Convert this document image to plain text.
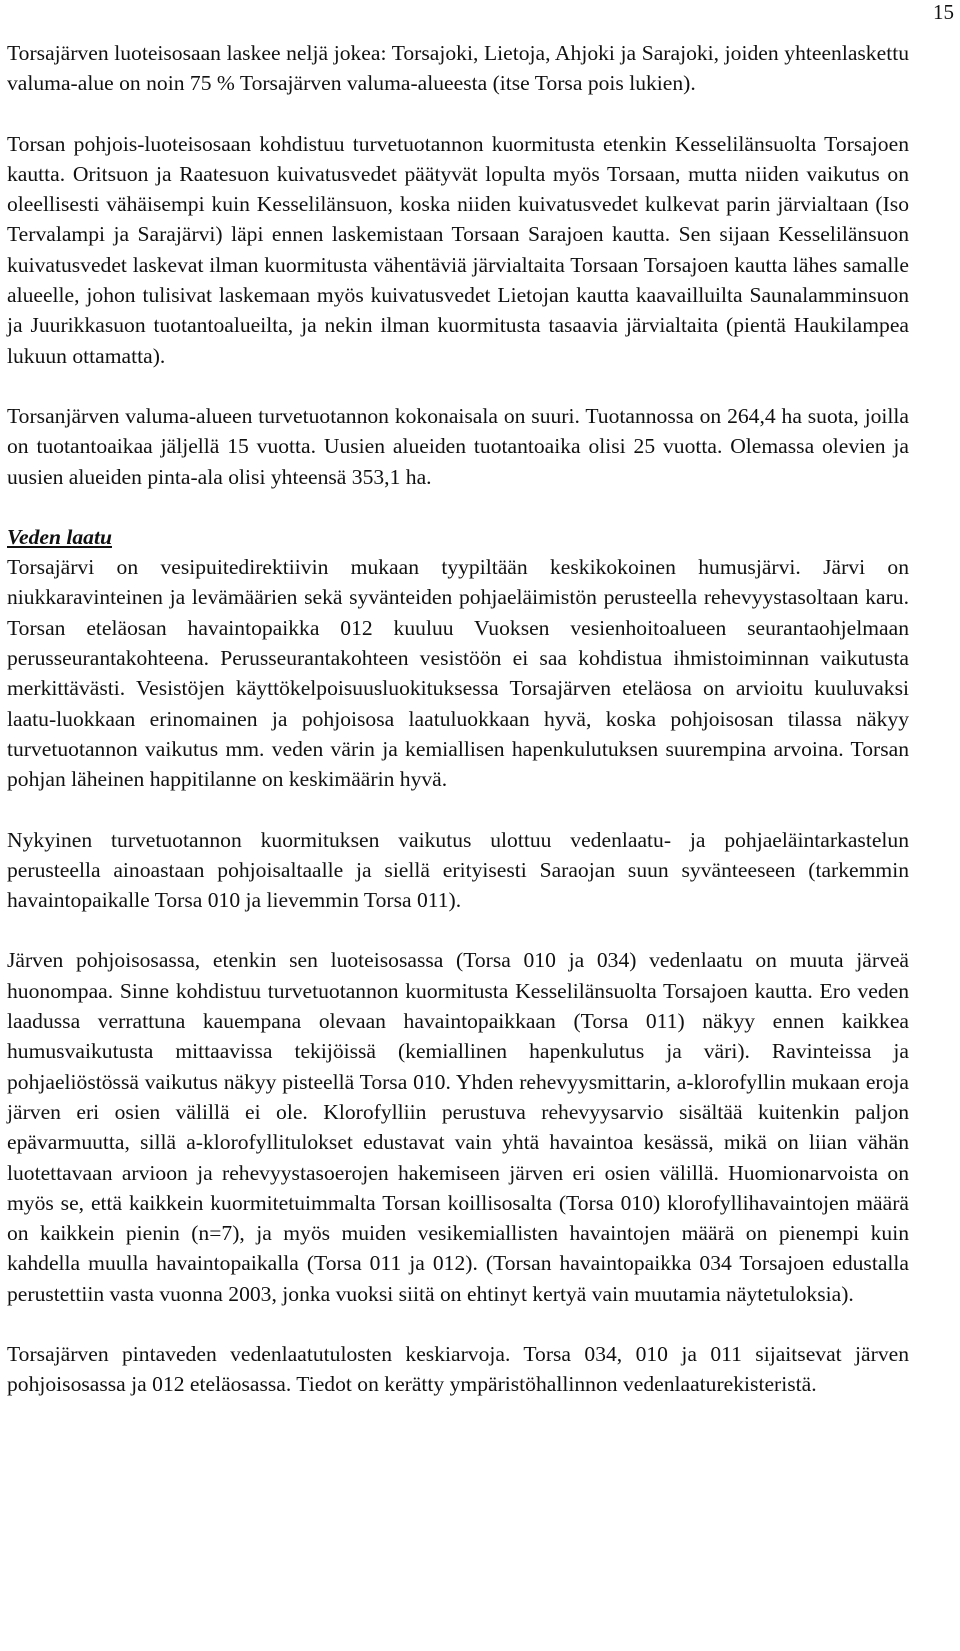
15

Torsajärven luoteisosaan laskee neljä jokea: Torsajoki, Lietoja, Ahjoki ja Sarajoki, joiden yhteenlaskettu valuma-alue on noin 75 % Torsajärven valuma-alueesta (itse Torsa pois lukien).

Torsan pohjois-luoteisosaan kohdistuu turvetuotannon kuormitusta etenkin Kesselilänsuolta Torsajoen kautta. Oritsuon ja Raatesuon kuivatusvedet päätyvät lopulta myös Torsaan, mutta niiden vaikutus on oleellisesti vähäisempi kuin Kesselilänsuon, koska niiden kuivatusvedet kulkevat parin järvialtaan (Iso Tervalampi ja Sarajärvi) läpi ennen laskemistaan Torsaan Sarajoen kautta. Sen sijaan Kesselilänsuon kuivatusvedet laskevat ilman kuormitusta vähentäviä järvialtaita Torsaan Torsajoen kautta lähes samalle alueelle, johon tulisivat laskemaan myös kuivatusvedet Lietojan kautta kaavailluilta Saunalamminsuon ja Juurikkasuon tuotantoalueilta, ja nekin ilman kuormitusta tasaavia järvialtaita (pientä Haukilampea lukuun ottamatta).

Torsanjärven valuma-alueen turvetuotannon kokonaisala on suuri. Tuotannossa on 264,4 ha suota, joilla on tuotantoaikaa jäljellä 15 vuotta. Uusien alueiden tuotantoaika olisi 25 vuotta. Olemassa olevien ja uusien alueiden pinta-ala olisi yhteensä 353,1 ha.

Veden laatu

Torsajärvi on vesipuitedirektiivin mukaan tyypiltään keskikokoinen humusjärvi. Järvi on niukkaravinteinen ja levämäärien sekä syvänteiden pohjaeläimistön perusteella rehevyystasoltaan karu. Torsan eteläosan havaintopaikka 012 kuuluu Vuoksen vesienhoitoalueen seurantaohjelmaan perusseurantakohteena. Perusseurantakohteen vesistöön ei saa kohdistua ihmistoiminnan vaikutusta merkittävästi. Vesistöjen käyttökelpoisuusluokituksessa Torsajärven eteläosa on arvioitu kuuluvaksi laatu-luokkaan erinomainen ja pohjoisosa laatuluokkaan hyvä, koska pohjoisosan tilassa näkyy turvetuotannon vaikutus mm. veden värin ja kemiallisen hapenkulutuksen suurempina arvoina. Torsan pohjan läheinen happitilanne on keskimäärin hyvä.

Nykyinen turvetuotannon kuormituksen vaikutus ulottuu vedenlaatu- ja pohjaeläintarkastelun perusteella ainoastaan pohjoisaltaalle ja siellä erityisesti Saraojan suun syvänteeseen (tarkemmin havaintopaikalle Torsa 010 ja lievemmin Torsa 011).

Järven pohjoisosassa, etenkin sen luoteisosassa (Torsa 010 ja 034) vedenlaatu on muuta järveä huonompaa. Sinne kohdistuu turvetuotannon kuormitusta Kesselilänsuolta Torsajoen kautta. Ero veden laadussa verrattuna kauempana olevaan havaintopaikkaan (Torsa 011) näkyy ennen kaikkea humusvaikutusta mittaavissa tekijöissä (kemiallinen hapenkulutus ja väri). Ravinteissa ja pohjaeliöstössä vaikutus näkyy pisteellä Torsa 010. Yhden rehevyysmittarin, a-klorofyllin mukaan eroja järven eri osien välillä ei ole. Klorofylliin perustuva rehevyysarvio sisältää kuitenkin paljon epävarmuutta, sillä a-klorofyllitulokset edustavat vain yhtä havaintoa kesässä, mikä on liian vähän luotettavaan arvioon ja rehevyystasoerojen hakemiseen järven eri osien välillä. Huomionarvoista on myös se, että kaikkein kuormitetuimmalta Torsan koillisosalta (Torsa 010) klorofyllihavaintojen määrä on kaikkein pienin (n=7), ja myös muiden vesikemiallisten havaintojen määrä on pienempi kuin kahdella muulla havaintopaikalla (Torsa 011 ja 012). (Torsan havaintopaikka 034 Torsajoen edustalla perustettiin vasta vuonna 2003, jonka vuoksi siitä on ehtinyt kertyä vain muutamia näytetuloksia).

Torsajärven pintaveden vedenlaatutulosten keskiarvoja. Torsa 034, 010 ja 011 sijaitsevat järven pohjoisosassa ja 012 eteläosassa. Tiedot on kerätty ympäristöhallinnon vedenlaaturekisteristä.
